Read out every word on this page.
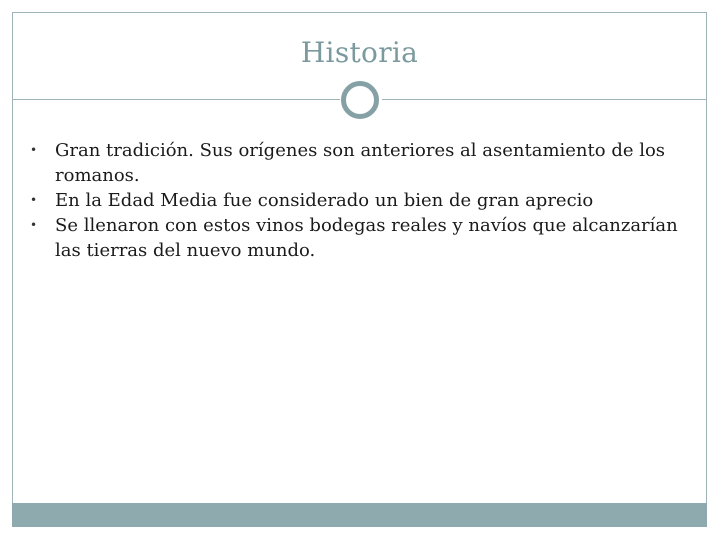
Historia
• Gran tradición. Sus orígenes son anteriores al asentamiento de los romanos.
• En la Edad Media fue considerado un bien de gran aprecio
• Se llenaron con estos vinos bodegas reales y navíos que alcanzarían las tierras del nuevo mundo.
